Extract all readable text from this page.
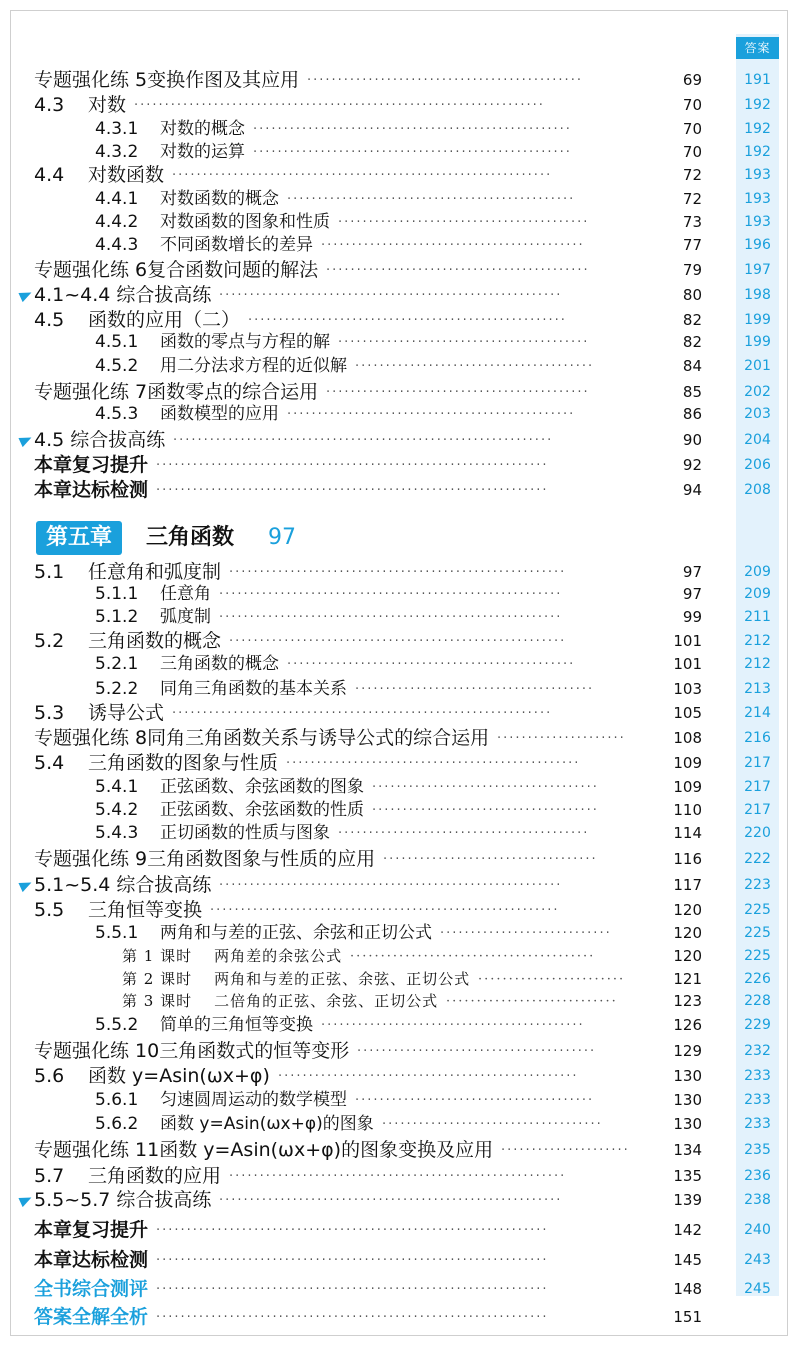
答案
第五章	三角函数 97
专题强化练 5 变换作图及其应用	69	191
·············································
4.3	对数	70	192
···································································
4.3.1	对数的概念	70	192
····················································
4.3.2	对数的运算	70	192
····················································
4.4	对数函数	72	193
······························································
4.4.1	对数函数的概念	72	193
···············································
4.4.2	对数函数的图象和性质	73	193
·········································
4.4.3	不同函数增长的差异	77	196
···········································
专题强化练 6 复合函数问题的解法	79	197
···········································
4.1~4.4 综合拔高练	80	198
························································
4.5	函数的应用（二）	82	199
····················································
4.5.1	函数的零点与方程的解	82	199
·········································
4.5.2	用二分法求方程的近似解	84	201
·······································
专题强化练 7 函数零点的综合运用	85	202
···········································
4.5.3	函数模型的应用	86	203
···············································
4.5 综合拔高练	90	204
······························································
本章复习提升	92	206
································································
本章达标检测	94	208
································································
5.1	任意角和弧度制	97	209
·······················································
5.1.1	任意角	97	209
························································
5.1.2	弧度制	99	211
························································
5.2	三角函数的概念	101	212
·······················································
5.2.1	三角函数的概念	101	212
···············································
5.2.2	同角三角函数的基本关系	103	213
·······································
5.3	诱导公式	105	214
······························································
专题强化练 8 同角三角函数关系与诱导公式的综合运用	108	216
·····················
5.4	三角函数的图象与性质	109	217
················································
5.4.1	正弦函数、余弦函数的图象	109	217
·····································
5.4.2	正弦函数、余弦函数的性质	110	217
·····································
5.4.3	正切函数的性质与图象	114	220
·········································
专题强化练 9 三角函数图象与性质的应用	116	222
···································
5.1~5.4 综合拔高练	117	223
························································
5.5	三角恒等变换	120	225
·························································
5.5.1	两角和与差的正弦、余弦和正切公式	120	225
····························
第 1 课时 两角差的余弦公式	120	225
········································
第 2 课时 两角和与差的正弦、余弦、正切公式	121	226
························
第 3 课时 二倍角的正弦、余弦、正切公式	123	228
····························
5.5.2	简单的三角恒等变换	126	229
···········································
专题强化练 10 三角函数式的恒等变形	129	232
·······································
5.6	函数 y=Asin(ωx+φ)	130	233
·················································
5.6.1	匀速圆周运动的数学模型	130	233
·······································
5.6.2	函数 y=Asin(ωx+φ)的图象	130	233
····································
专题强化练 11 函数 y=Asin(ωx+φ)的图象变换及应用	134	235
·····················
5.7	三角函数的应用	135	236
·······················································
5.5~5.7 综合拔高练	139	238
························································
本章复习提升	142	240
································································
本章达标检测	145	243
································································
全书综合测评	148	245
································································
答案全解全析	151
································································
